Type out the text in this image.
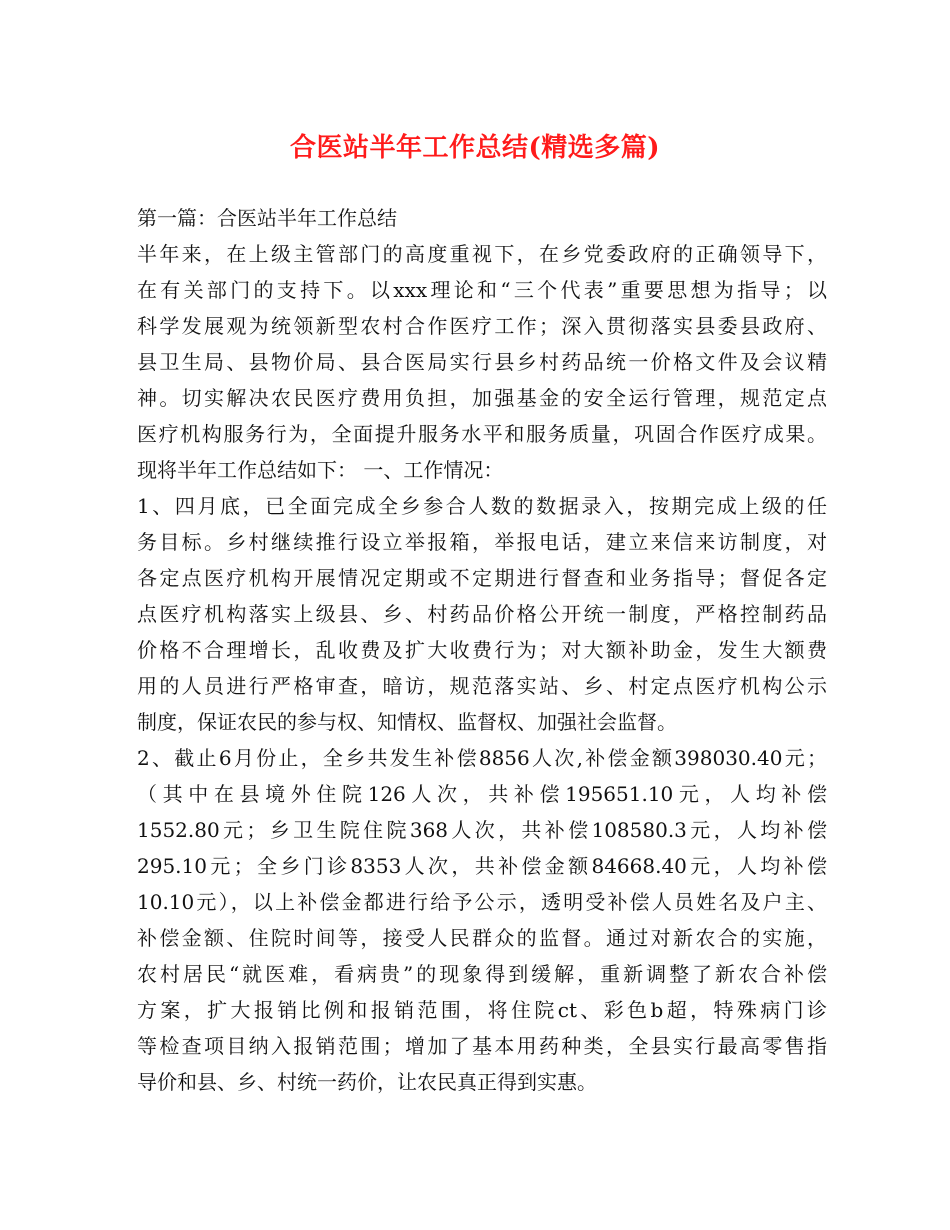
合医站半年工作总结(精选多篇)
第一篇：合医站半年工作总结
半年来，在上级主管部门的高度重视下，在乡党委政府的正确领导下，
在有关部门的支持下。以xxx理论和“三个代表”重要思想为指导；以
科学发展观为统领新型农村合作医疗工作；深入贯彻落实县委县政府、
县卫生局、县物价局、县合医局实行县乡村药品统一价格文件及会议精
神。切实解决农民医疗费用负担，加强基金的安全运行管理，规范定点
医疗机构服务行为，全面提升服务水平和服务质量，巩固合作医疗成果。
现将半年工作总结如下： 一、工作情况：
1、四月底，已全面完成全乡参合人数的数据录入，按期完成上级的任
务目标。乡村继续推行设立举报箱，举报电话，建立来信来访制度，对
各定点医疗机构开展情况定期或不定期进行督查和业务指导；督促各定
点医疗机构落实上级县、乡、村药品价格公开统一制度，严格控制药品
价格不合理增长，乱收费及扩大收费行为；对大额补助金，发生大额费
用的人员进行严格审查，暗访，规范落实站、乡、村定点医疗机构公示
制度，保证农民的参与权、知情权、监督权、加强社会监督。
2、截止6月份止，全乡共发生补偿8856人次,补偿金额398030.40元；
（其中在县境外住院126人次，共补偿195651.10元，人均补偿
1552.80元；乡卫生院住院368人次，共补偿108580.3元，人均补偿
295.10元；全乡门诊8353人次，共补偿金额84668.40元，人均补偿
10.10元），以上补偿金都进行给予公示，透明受补偿人员姓名及户主、
补偿金额、住院时间等，接受人民群众的监督。通过对新农合的实施，
农村居民“就医难，看病贵”的现象得到缓解，重新调整了新农合补偿
方案，扩大报销比例和报销范围，将住院ct、彩色b超，特殊病门诊
等检查项目纳入报销范围；增加了基本用药种类，全县实行最高零售指
导价和县、乡、村统一药价，让农民真正得到实惠。
